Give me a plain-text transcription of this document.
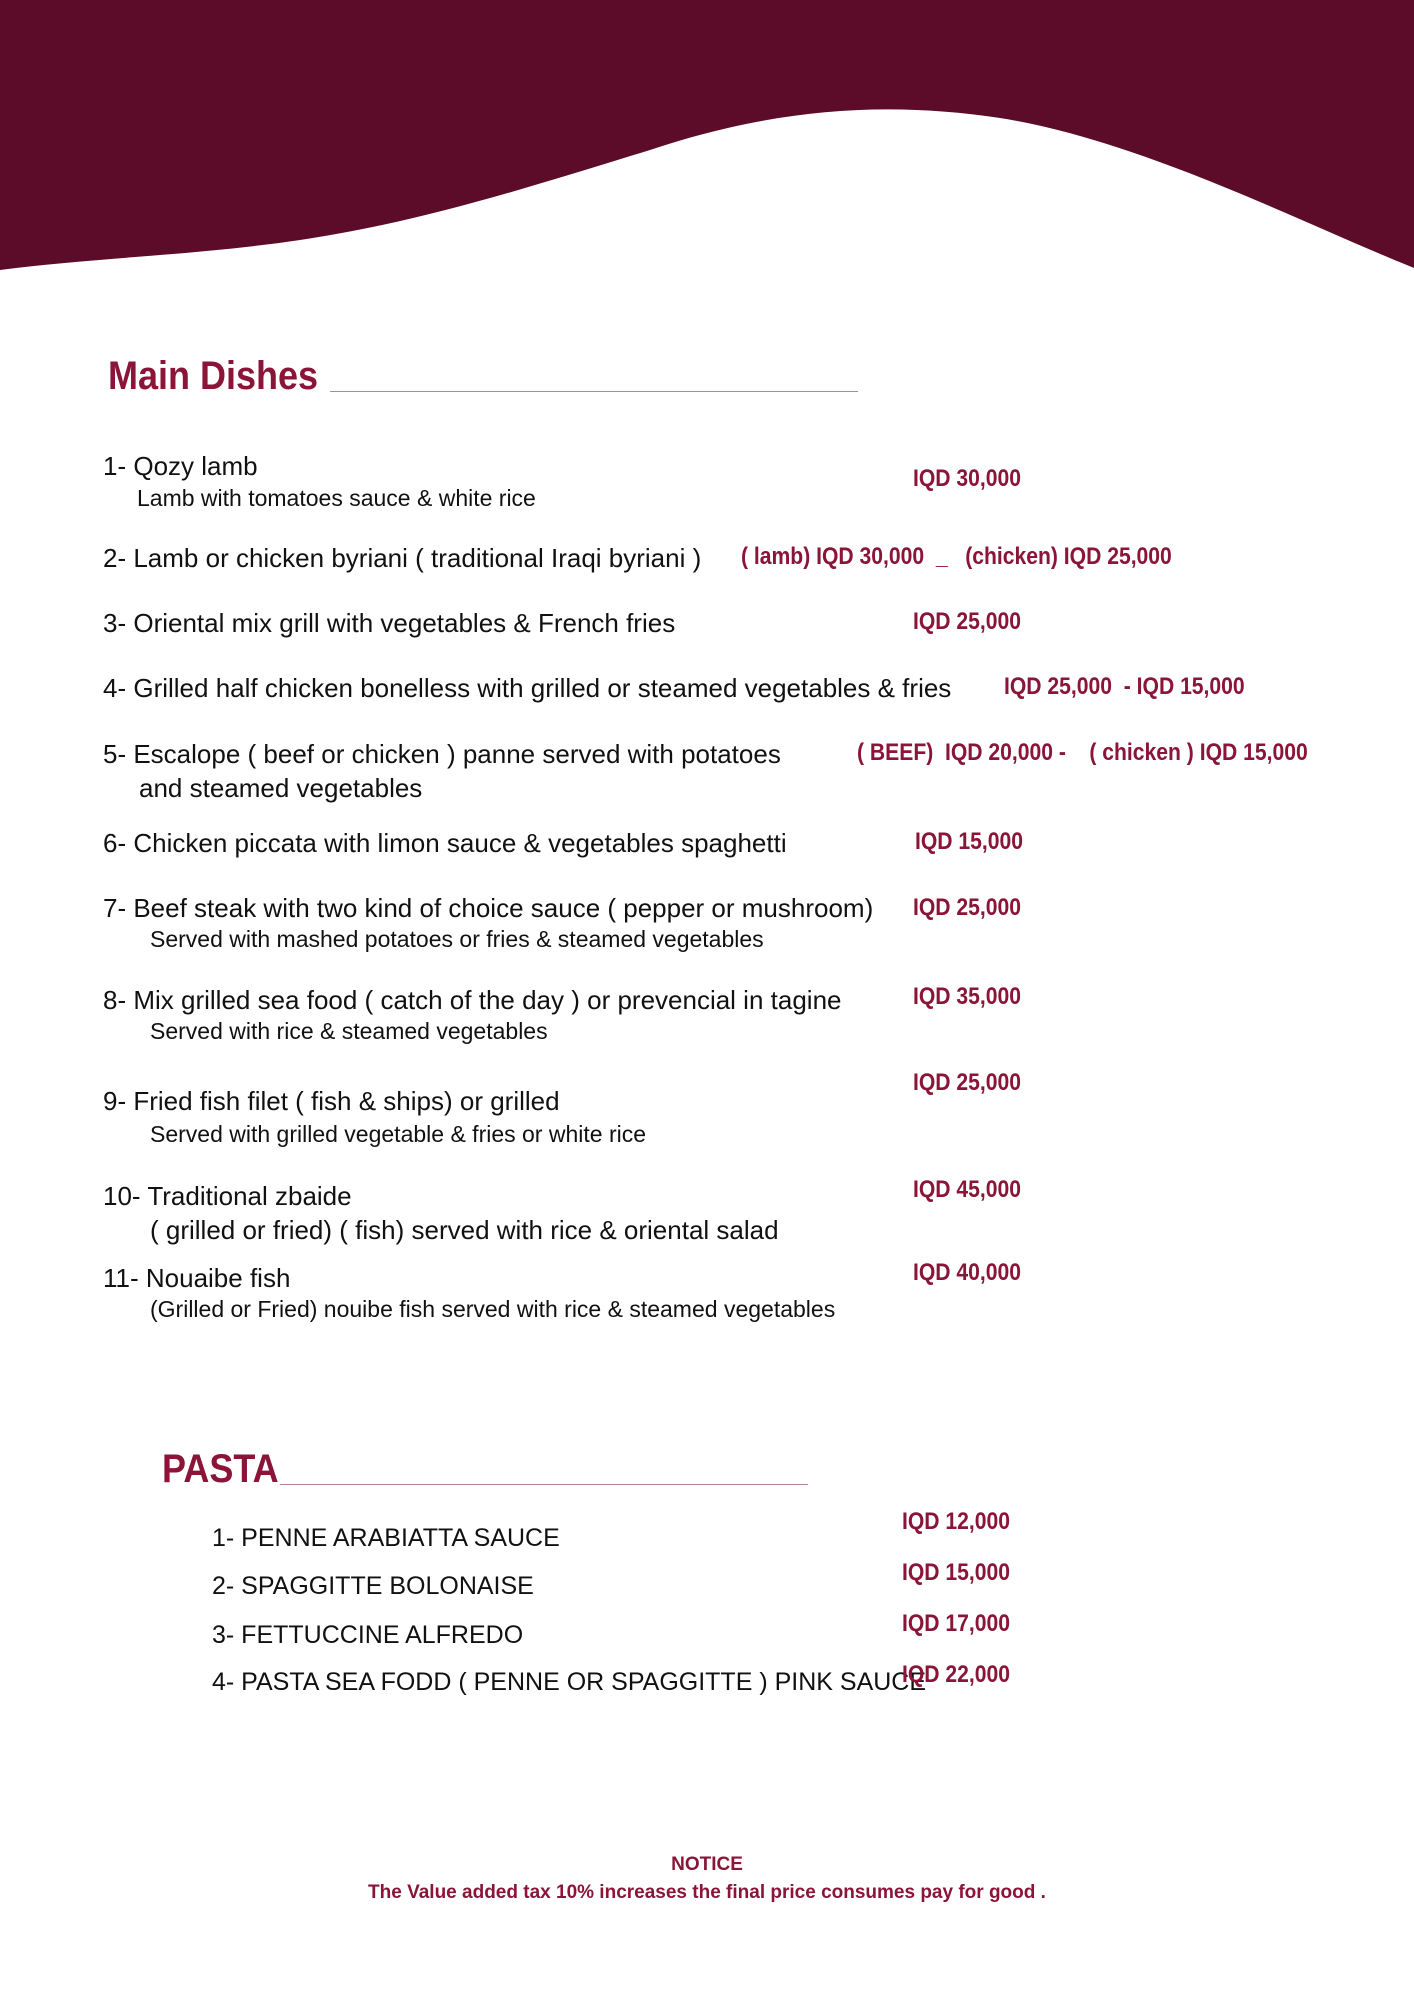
Main Dishes
1- Qozy lamb
Lamb with tomatoes sauce & white rice
IQD 30,000
2- Lamb or chicken byriani ( traditional Iraqi byriani ) ( lamb) IQD 30,000  _   (chicken) IQD 25,000
3- Oriental mix grill with vegetables & French fries	IQD 25,000
4- Grilled half chicken bonelless with grilled or steamed vegetables & fries IQD 25,000  - IQD 15,000
5- Escalope ( beef or chicken ) panne served with potatoes
and steamed vegetables
( BEEF)  IQD 20,000 -    ( chicken ) IQD 15,000
6- Chicken piccata with limon sauce & vegetables spaghetti	IQD 15,000
7- Beef steak with two kind of choice sauce ( pepper or mushroom)
Served with mashed potatoes or fries & steamed vegetables
IQD 25,000
8- Mix grilled sea food ( catch of the day ) or prevencial in tagine
Served with rice & steamed vegetables
IQD 35,000
9- Fried fish filet ( fish & ships) or grilled
Served with grilled vegetable & fries or white rice
IQD 25,000
10- Traditional zbaide
( grilled or fried) ( fish) served with rice & oriental salad
IQD 45,000
11- Nouaibe fish
(Grilled or Fried) nouibe fish served with rice & steamed vegetables
IQD 40,000
PASTA
1- PENNE ARABIATTA SAUCE
IQD 12,000
2- SPAGGITTE BOLONAISE	IQD 15,000
3- FETTUCCINE ALFREDO	IQD 17,000
4- PASTA SEA FODD ( PENNE OR SPAGGITTE ) PINK SAUCE
IQD 22,000
NOTICE
The Value added tax 10% increases the final price consumes pay for good .
